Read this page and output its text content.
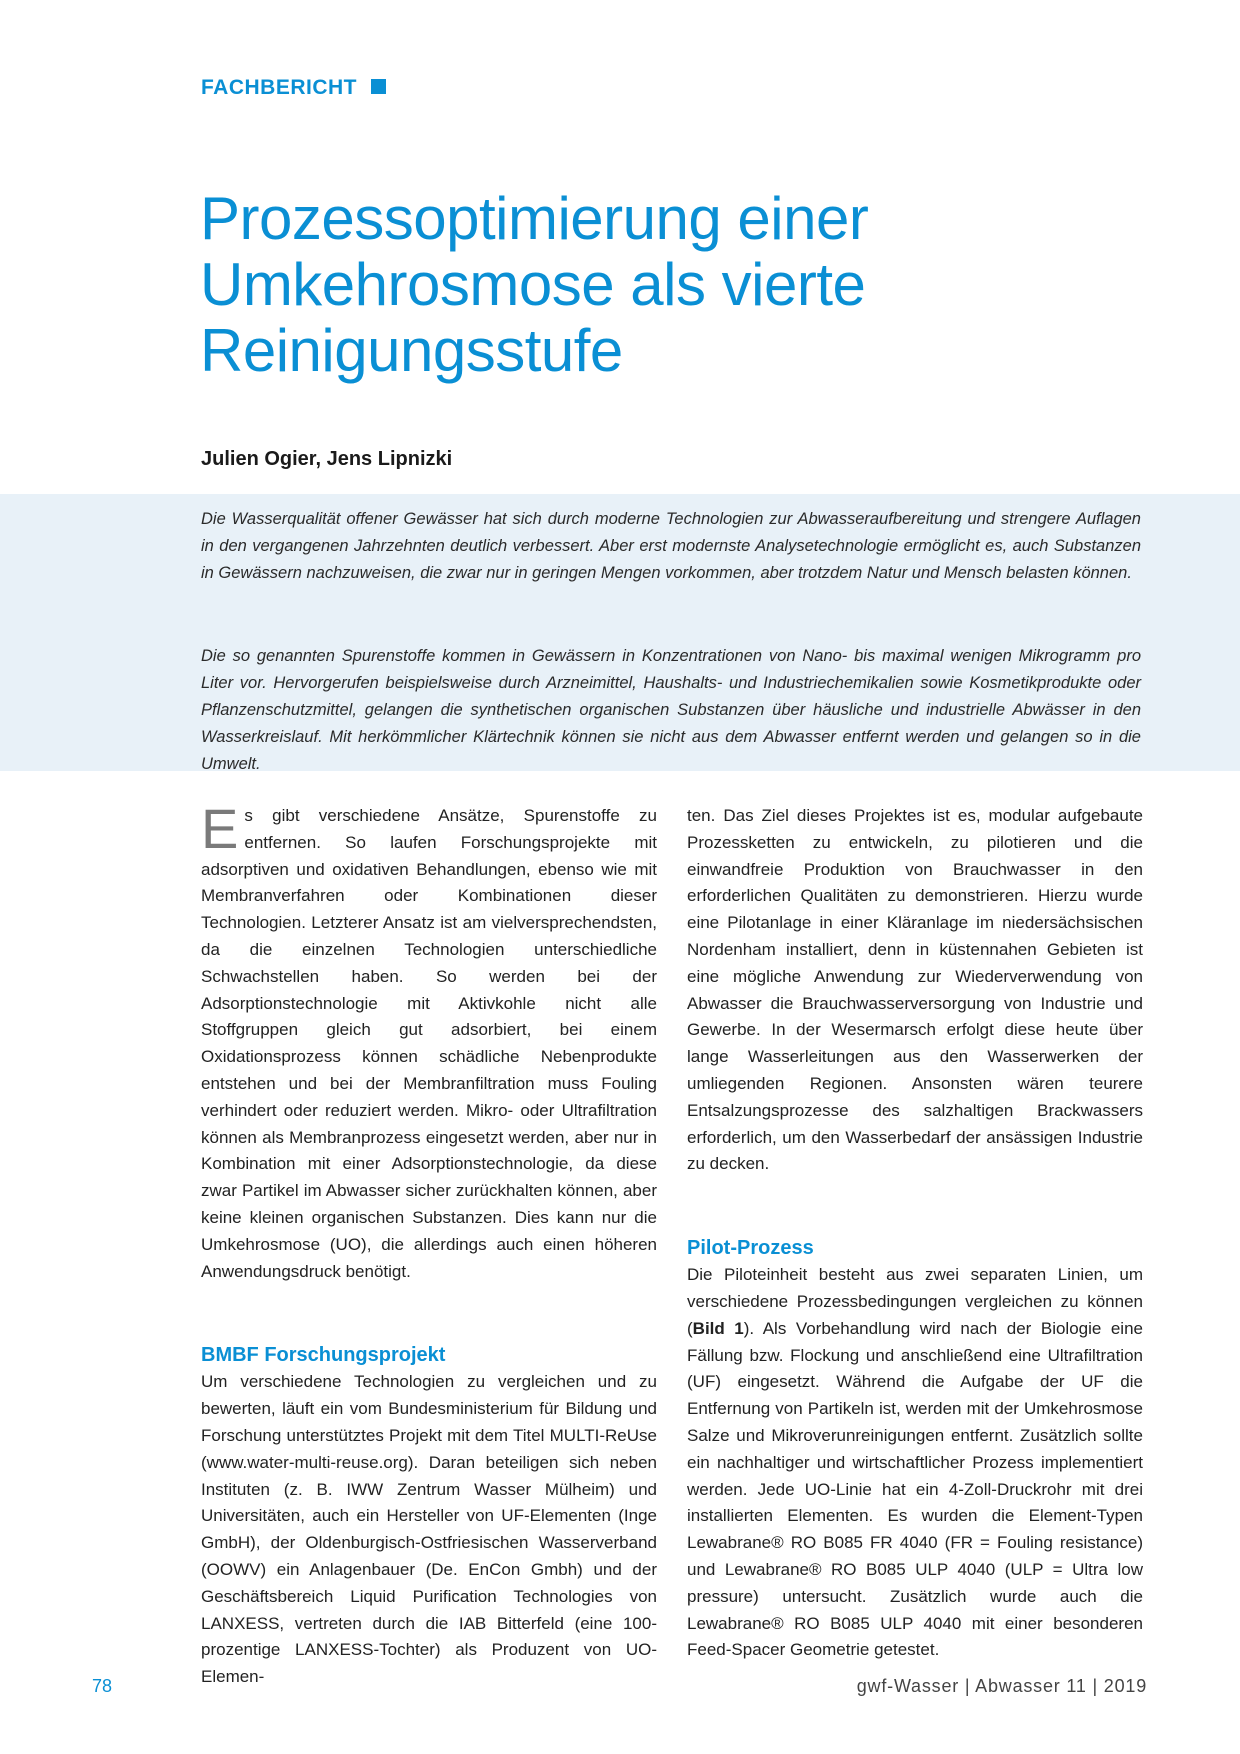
FACHBERICHT
Prozessoptimierung einer
Umkehrosmose als vierte
Reinigungsstufe

Julien Ogier, Jens Lipnizki

Die Wasserqualität offener Gewässer hat sich durch moderne Technologien zur Abwasseraufbereitung und strengere Auflagen in den vergangenen Jahrzehnten deutlich verbessert. Aber erst modernste Analysetechnologie ermöglicht es, auch Substanzen in Gewässern nachzuweisen, die zwar nur in geringen Mengen vorkommen, aber trotzdem Natur und Mensch belasten können.

Die so genannten Spurenstoffe kommen in Gewässern in Konzentrationen von Nano- bis maximal wenigen Mikrogramm pro Liter vor. Hervorgerufen beispielsweise durch Arzneimittel, Haushalts- und Industriechemikalien sowie Kosmetikprodukte oder Pflanzenschutzmittel, gelangen die synthetischen organischen Substanzen über häusliche und industrielle Abwässer in den Wasserkreislauf. Mit herkömmlicher Klärtechnik können sie nicht aus dem Abwasser entfernt werden und gelangen so in die Umwelt.

Es gibt verschiedene Ansätze, Spurenstoffe zu entfernen. So laufen Forschungsprojekte mit adsorptiven und oxidativen Behandlungen, ebenso wie mit Membranverfahren oder Kombinationen dieser Technologien. Letzterer Ansatz ist am vielversprechendsten, da die einzelnen Technologien unterschiedliche Schwachstellen haben. So werden bei der Adsorptionstechnologie mit Aktivkohle nicht alle Stoffgruppen gleich gut adsorbiert, bei einem Oxidationsprozess können schädliche Nebenprodukte entstehen und bei der Membranfiltration muss Fouling verhindert oder reduziert werden. Mikro- oder Ultrafiltration können als Membranprozess eingesetzt werden, aber nur in Kombination mit einer Adsorptionstechnologie, da diese zwar Partikel im Abwasser sicher zurückhalten können, aber keine kleinen organischen Substanzen. Dies kann nur die Umkehrosmose (UO), die allerdings auch einen höheren Anwendungsdruck benötigt.

BMBF Forschungsprojekt

Um verschiedene Technologien zu vergleichen und zu bewerten, läuft ein vom Bundesministerium für Bildung und Forschung unterstütztes Projekt mit dem Titel MULTI-ReUse (www.water-multi-reuse.org). Daran beteiligen sich neben Instituten (z. B. IWW Zentrum Wasser Mülheim) und Universitäten, auch ein Hersteller von UF-Elementen (Inge GmbH), der Oldenburgisch-Ostfriesischen Wasserverband (OOWV) ein Anlagenbauer (De. EnCon Gmbh) und der Geschäftsbereich Liquid Purification Technologies von LANXESS, vertreten durch die IAB Bitterfeld (eine 100-prozentige LANXESS-Tochter) als Produzent von UO-Elemen-

ten. Das Ziel dieses Projektes ist es, modular aufgebaute Prozessketten zu entwickeln, zu pilotieren und die einwandfreie Produktion von Brauchwasser in den erforderlichen Qualitäten zu demonstrieren. Hierzu wurde eine Pilotanlage in einer Kläranlage im niedersächsischen Nordenham installiert, denn in küstennahen Gebieten ist eine mögliche Anwendung zur Wiederverwendung von Abwasser die Brauchwasserversorgung von Industrie und Gewerbe. In der Wesermarsch erfolgt diese heute über lange Wasserleitungen aus den Wasserwerken der umliegenden Regionen. Ansonsten wären teurere Entsalzungsprozesse des salzhaltigen Brackwassers erforderlich, um den Wasserbedarf der ansässigen Industrie zu decken.

Pilot-Prozess

Die Piloteinheit besteht aus zwei separaten Linien, um verschiedene Prozessbedingungen vergleichen zu können (Bild 1). Als Vorbehandlung wird nach der Biologie eine Fällung bzw. Flockung und anschließend eine Ultrafiltration (UF) eingesetzt. Während die Aufgabe der UF die Entfernung von Partikeln ist, werden mit der Umkehrosmose Salze und Mikroverunreinigungen entfernt. Zusätzlich sollte ein nachhaltiger und wirtschaftlicher Prozess implementiert werden. Jede UO-Linie hat ein 4-Zoll-Druckrohr mit drei installierten Elementen. Es wurden die Element-Typen Lewabrane® RO B085 FR 4040 (FR = Fouling resistance) und Lewabrane® RO B085 ULP 4040 (ULP = Ultra low pressure) untersucht. Zusätzlich wurde auch die Lewabrane® RO B085 ULP 4040 mit einer besonderen Feed-Spacer Geometrie getestet.

78	gwf-Wasser | Abwasser 11 | 2019
